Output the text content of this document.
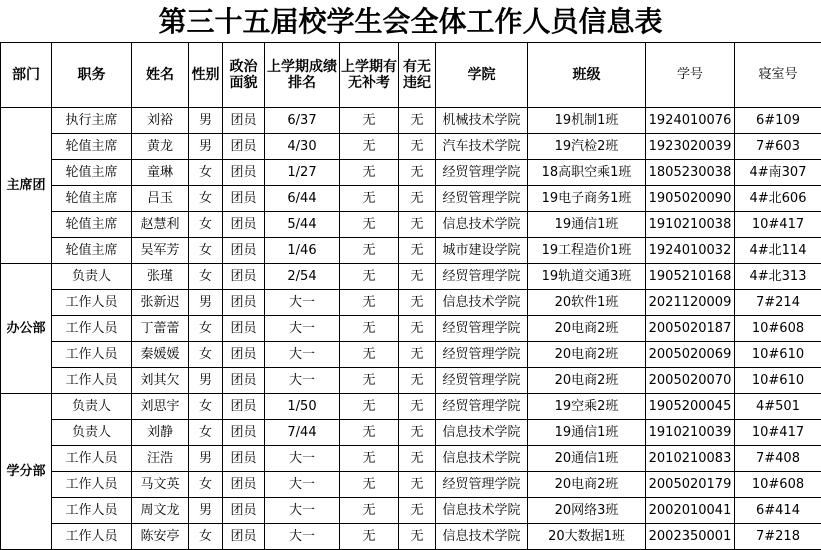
第三十五届校学生会全体工作人员信息表
部门	职务	姓名	性别	政治面貌	上学期成绩排名	上学期有无补考	有无违纪	学院	班级	学号	寝室号
主席团	执行主席	刘裕	男	团员	6/37	无	无	机械技术学院	19机制1班	1924010076	6#109
	轮值主席	黄龙	男	团员	4/30	无	无	汽车技术学院	19汽检2班	1923020039	7#603
	轮值主席	童琳	女	团员	1/27	无	无	经贸管理学院	18高职空乘1班	1805230038	4#南307
	轮值主席	吕玉	女	团员	6/44	无	无	经贸管理学院	19电子商务1班	1905020090	4#北606
	轮值主席	赵慧利	女	团员	5/44	无	无	信息技术学院	19通信1班	1910210038	10#417
	轮值主席	吴军芳	女	团员	1/46	无	无	城市建设学院	19工程造价1班	1924010032	4#北114
办公部	负责人	张瑾	女	团员	2/54	无	无	经贸管理学院	19轨道交通3班	1905210168	4#北313
	工作人员	张新迟	男	团员	大一	无	无	信息技术学院	20软件1班	2021120009	7#214
	工作人员	丁蕾蕾	女	团员	大一	无	无	经贸管理学院	20电商2班	2005020187	10#608
	工作人员	秦媛媛	女	团员	大一	无	无	经贸管理学院	20电商2班	2005020069	10#610
	工作人员	刘其欠	男	团员	大一	无	无	经贸管理学院	20电商2班	2005020070	10#610
学分部	负责人	刘思宇	女	团员	1/50	无	无	经贸管理学院	19空乘2班	1905200045	4#501
	负责人	刘静	女	团员	7/44	无	无	信息技术学院	19通信1班	1910210039	10#417
	工作人员	汪浩	男	团员	大一	无	无	信息技术学院	20通信1班	2010210083	7#408
	工作人员	马文英	女	团员	大一	无	无	经贸管理学院	20电商2班	2005020179	10#608
	工作人员	周文龙	男	团员	大一	无	无	信息技术学院	20网络3班	2002010041	6#414
	工作人员	陈安亭	女	团员	大一	无	无	信息技术学院	20大数据1班	2002350001	7#218
